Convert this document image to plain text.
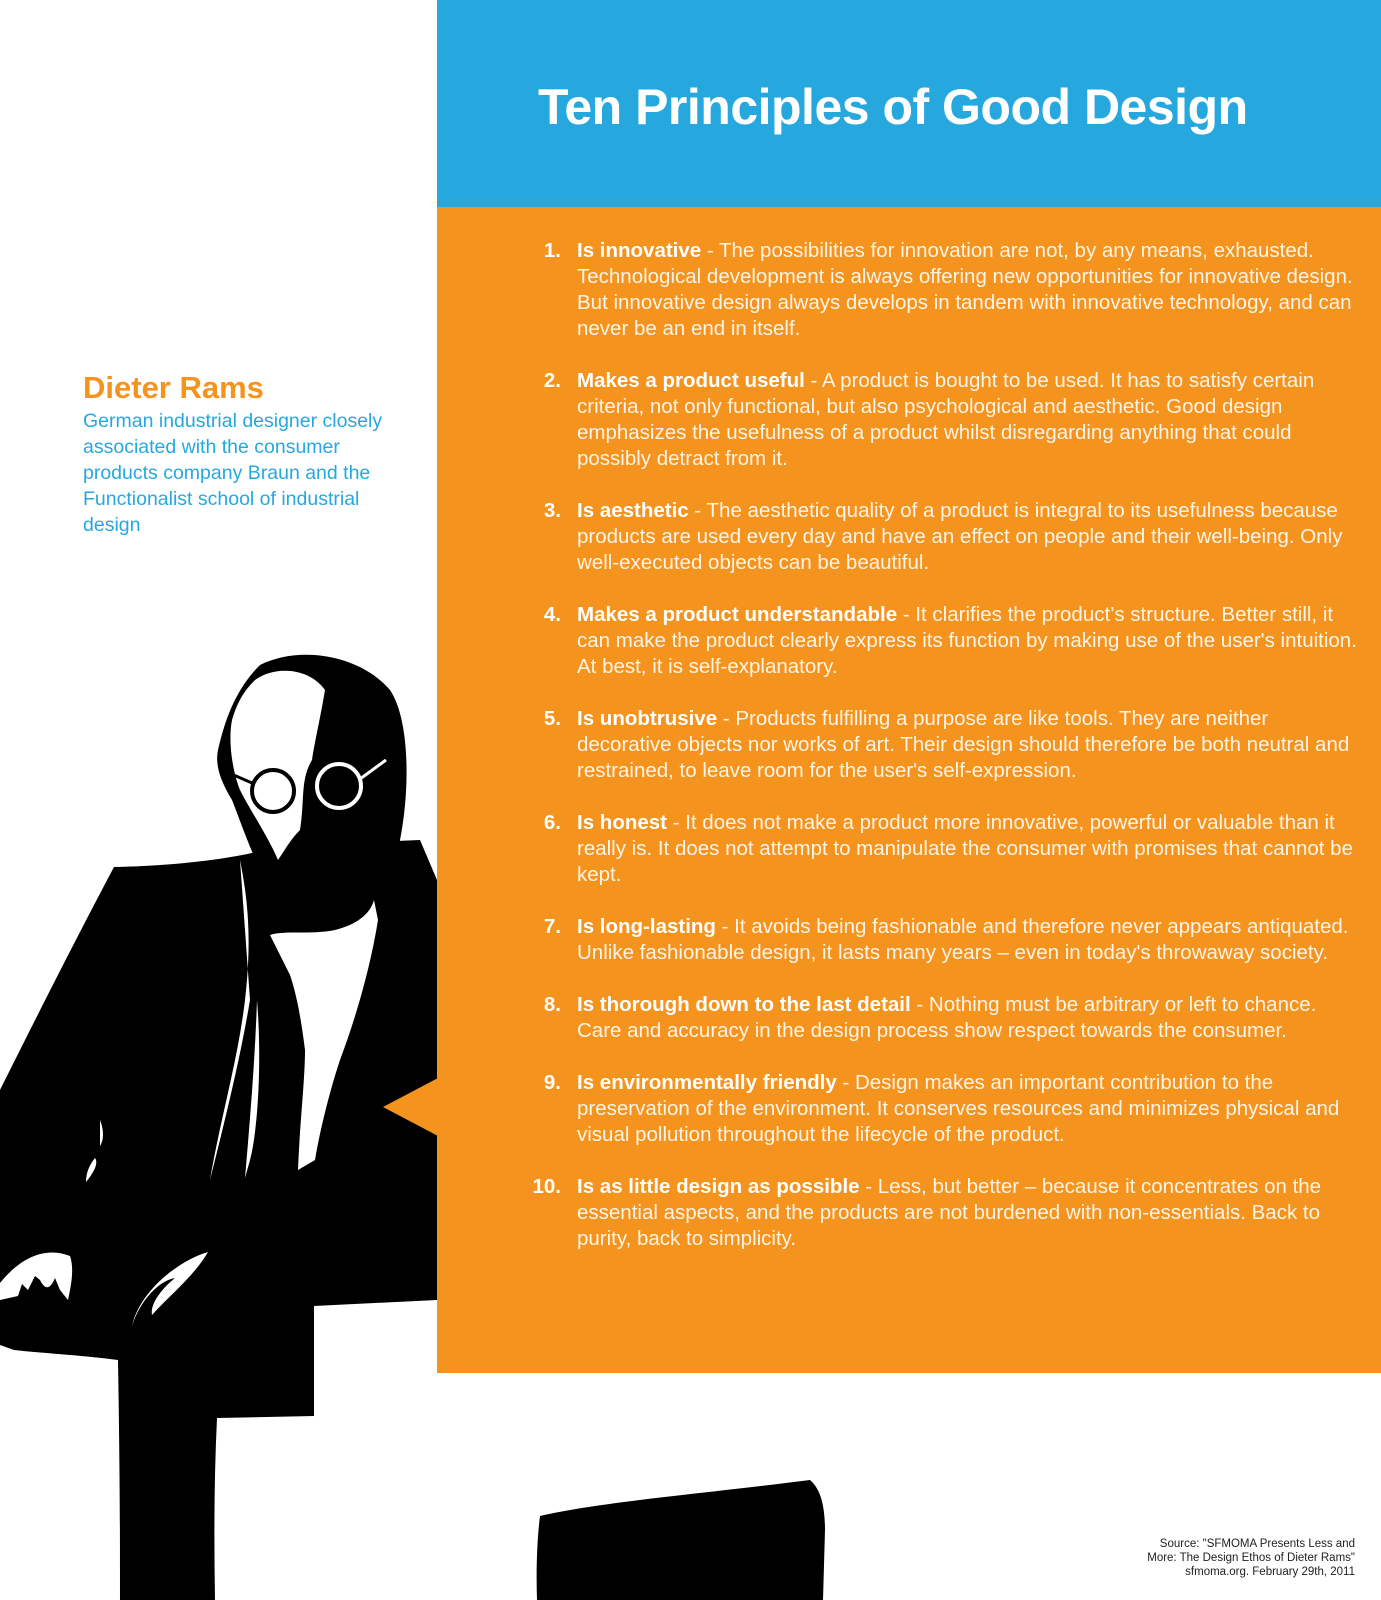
Ten Principles of Good Design
Dieter Rams

German industrial designer closely associated with the consumer products company Braun and the Functionalist school of industrial design

1. Is innovative - The possibilities for innovation are not, by any means, exhausted. Technological development is always offering new opportunities for innovative design. But innovative design always develops in tandem with innovative technology, and can never be an end in itself.
2. Makes a product useful - A product is bought to be used. It has to satisfy certain criteria, not only functional, but also psychological and aesthetic. Good design emphasizes the usefulness of a product whilst disregarding anything that could possibly detract from it.
3. Is aesthetic - The aesthetic quality of a product is integral to its usefulness because products are used every day and have an effect on people and their well-being. Only well-executed objects can be beautiful.
4. Makes a product understandable - It clarifies the product’s structure. Better still, it can make the product clearly express its function by making use of the user's intuition. At best, it is self-explanatory.
5. Is unobtrusive - Products fulfilling a purpose are like tools. They are neither decorative objects nor works of art. Their design should therefore be both neutral and restrained, to leave room for the user's self-expression.
6. Is honest - It does not make a product more innovative, powerful or valuable than it really is. It does not attempt to manipulate the consumer with promises that cannot be kept.
7. Is long-lasting - It avoids being fashionable and therefore never appears antiquated. Unlike fashionable design, it lasts many years – even in today's throwaway society.
8. Is thorough down to the last detail - Nothing must be arbitrary or left to chance. Care and accuracy in the design process show respect towards the consumer.
9. Is environmentally friendly - Design makes an important contribution to the preservation of the environment. It conserves resources and minimizes physical and visual pollution throughout the lifecycle of the product.
10. Is as little design as possible - Less, but better – because it concentrates on the essential aspects, and the products are not burdened with non-essentials. Back to purity, back to simplicity.
Source: "SFMOMA Presents Less and
More: The Design Ethos of Dieter Rams"
sfmoma.org. February 29th, 2011
